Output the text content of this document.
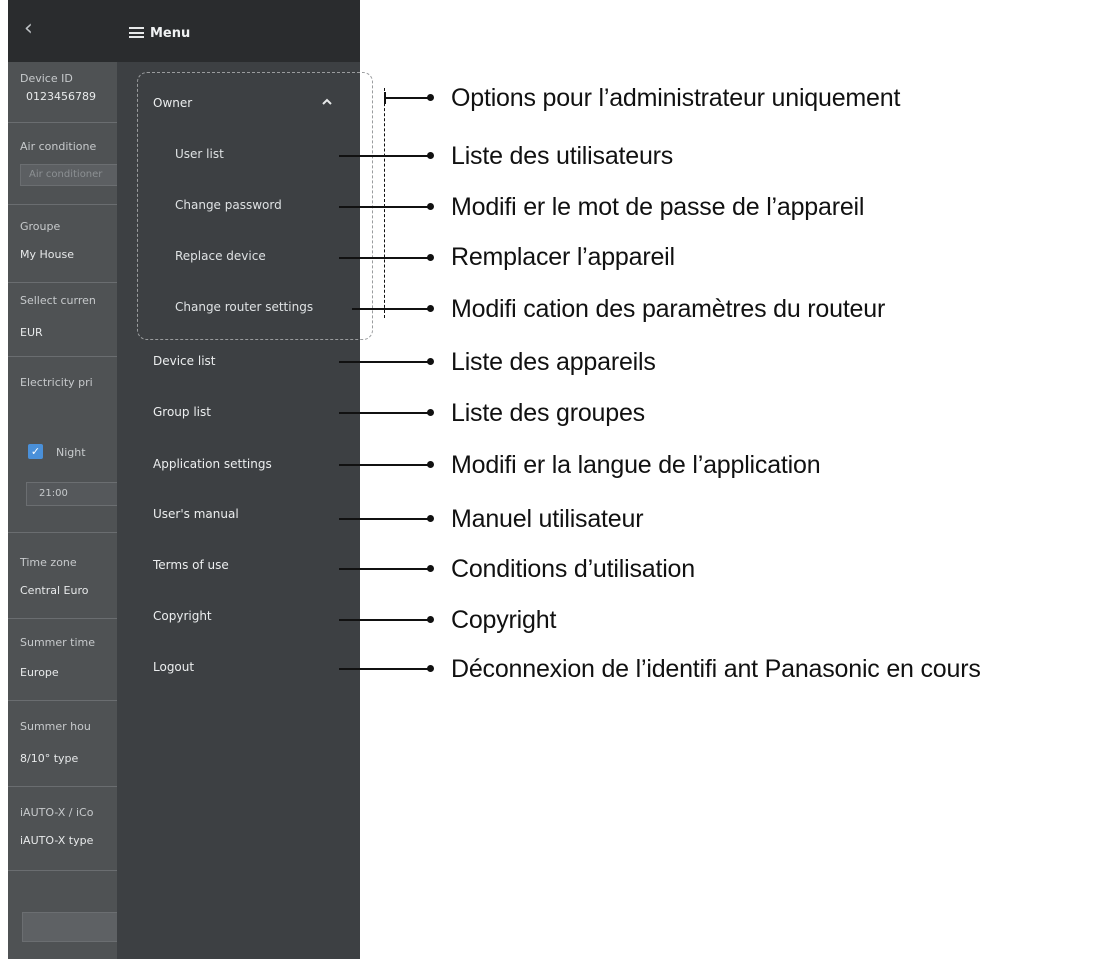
‹
Device ID
0123456789
Air conditione
Air conditioner
Groupe
My House
Sellect curren
EUR
Electricity pri
✓ Night
21:00
Time zone
Central Euro
Summer time
Europe
Summer hou
8/10° type
iAUTO-X / iCo
iAUTO-X type
Menu
Owner
User list
Change password
Replace device
Change router settings
Device list
Group list
Application settings
User's manual
Terms of use
Copyright
Logout
Options pour l’administrateur uniquement
Liste des utilisateurs
Modifi er le mot de passe de l’appareil
Remplacer l’appareil
Modifi cation des paramètres du routeur
Liste des appareils
Liste des groupes
Modifi er la langue de l’application
Manuel utilisateur
Conditions d’utilisation
Copyright
Déconnexion de l’identifi ant Panasonic en cours
